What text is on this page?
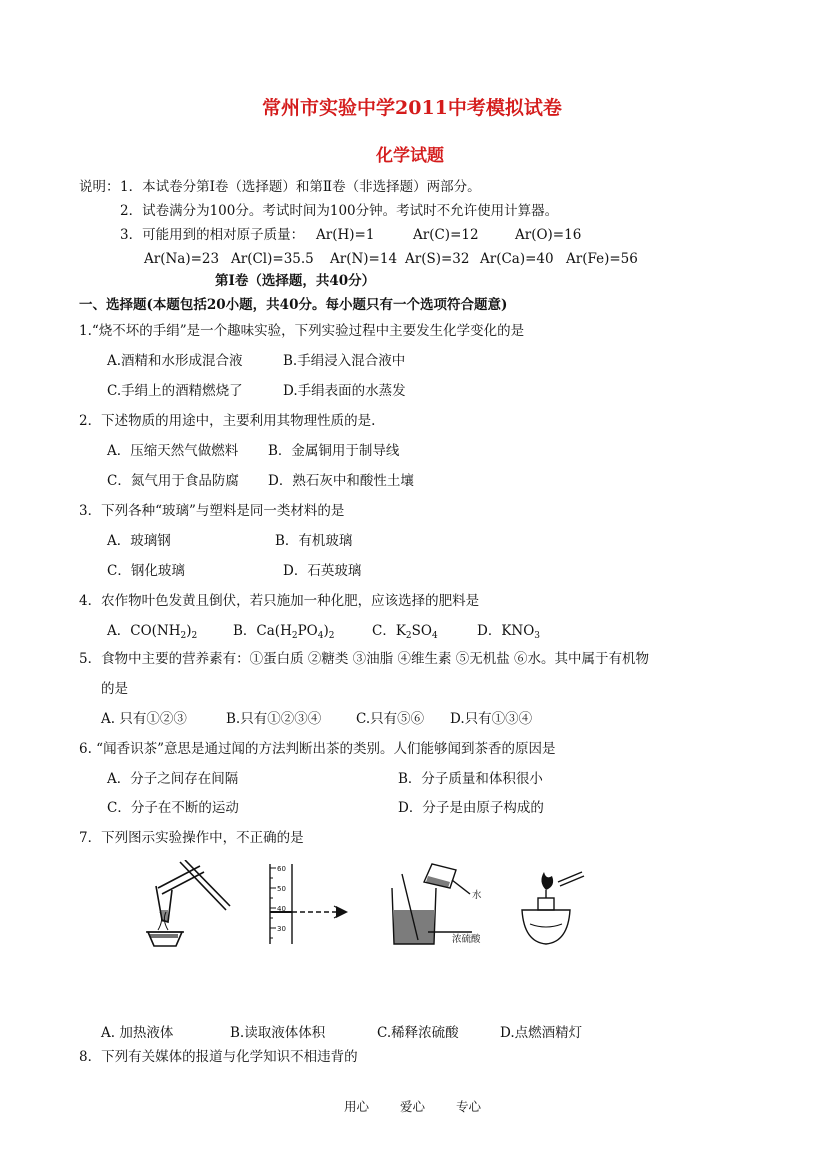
常州市实验中学2011中考模拟试卷
化学试题
说明： 1．本试卷分第Ⅰ卷（选择题）和第Ⅱ卷（非选择题）两部分。
2．试卷满分为100分。考试时间为100分钟。考试时不允许使用计算器。
3．可能用到的相对原子质量： Ar(H)=1	Ar(C)=12	Ar(O)=16
Ar(Na)=23 Ar(Cl)=35.5 Ar(N)=14 Ar(S)=32 Ar(Ca)=40 Ar(Fe)=56
第Ⅰ卷（选择题，共40分）
一、选择题(本题包括20小题，共40分。每小题只有一个选项符合题意)
1.“烧不坏的手绢”是一个趣味实验，下列实验过程中主要发生化学变化的是
A.酒精和水形成混合液	B.手绢浸入混合液中
C.手绢上的酒精燃烧了	D.手绢表面的水蒸发
2．下述物质的用途中，主要利用其物理性质的是.
A．压缩天然气做燃料 B．金属铜用于制导线
C．氮气用于食品防腐 D．熟石灰中和酸性土壤
3．下列各种“玻璃”与塑料是同一类材料的是
A．玻璃钢	B．有机玻璃
C．钢化玻璃	D．石英玻璃
4．农作物叶色发黄且倒伏，若只施加一种化肥，应该选择的肥料是
A．$CO(NH_2)_2$	B．$Ca(H_2PO_4)_2$	C．$K_2SO_4$	D．$KNO_3$
5．食物中主要的营养素有：①蛋白质 ②糖类 ③油脂 ④维生素 ⑤无机盐 ⑥水。其中属于有机物
的是
A. 只有①②③	B.只有①②③④	C.只有⑤⑥ D.只有①③④
6. “闻香识茶”意思是通过闻的方法判断出茶的类别。人们能够闻到茶香的原因是
A．分子之间存在间隔	B．分子质量和体积很小
C．分子在不断的运动	D．分子是由原子构成的
7．下列图示实验操作中，不正确的是
60
50
40
30
水
浓硫酸
A. 加热液体	B.读取液体体积	C.稀释浓硫酸	D.点燃酒精灯
8．下列有关媒体的报道与化学知识不相违背的
用心 爱心 专心
